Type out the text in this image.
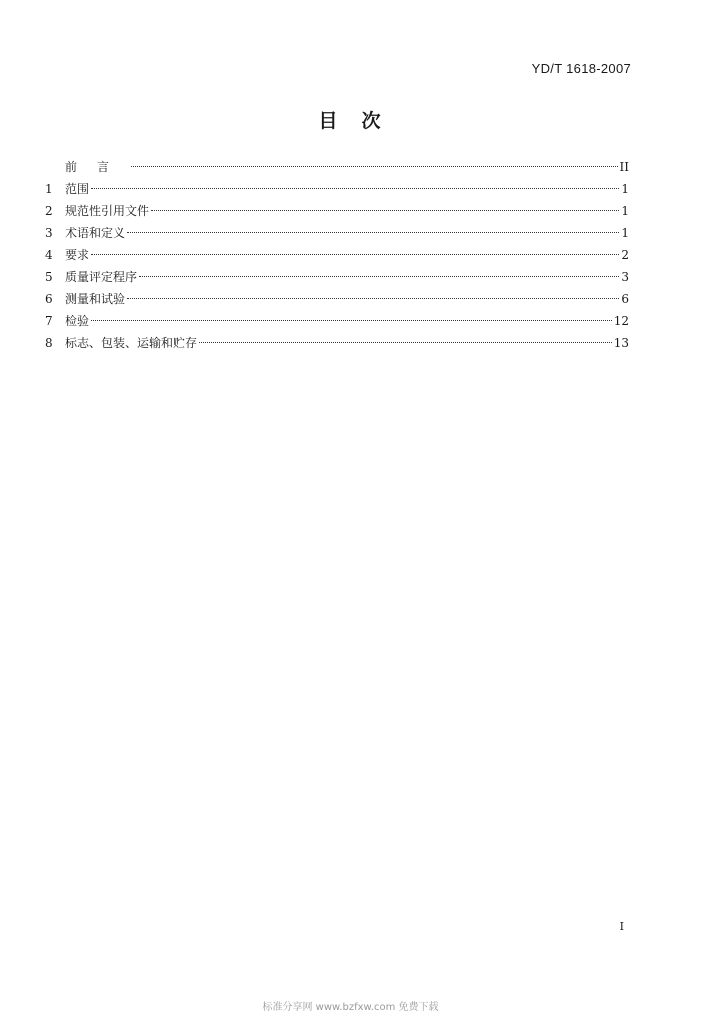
YD/T 1618-2007
目 次
前言	II
1	范围	1
2	规范性引用文件	1
3	术语和定义	1
4	要求	2
5	质量评定程序	3
6	测量和试验	6
7	检验	12
8	标志、包装、运输和贮存	13
I
标准分享网 www.bzfxw.com 免费下载
